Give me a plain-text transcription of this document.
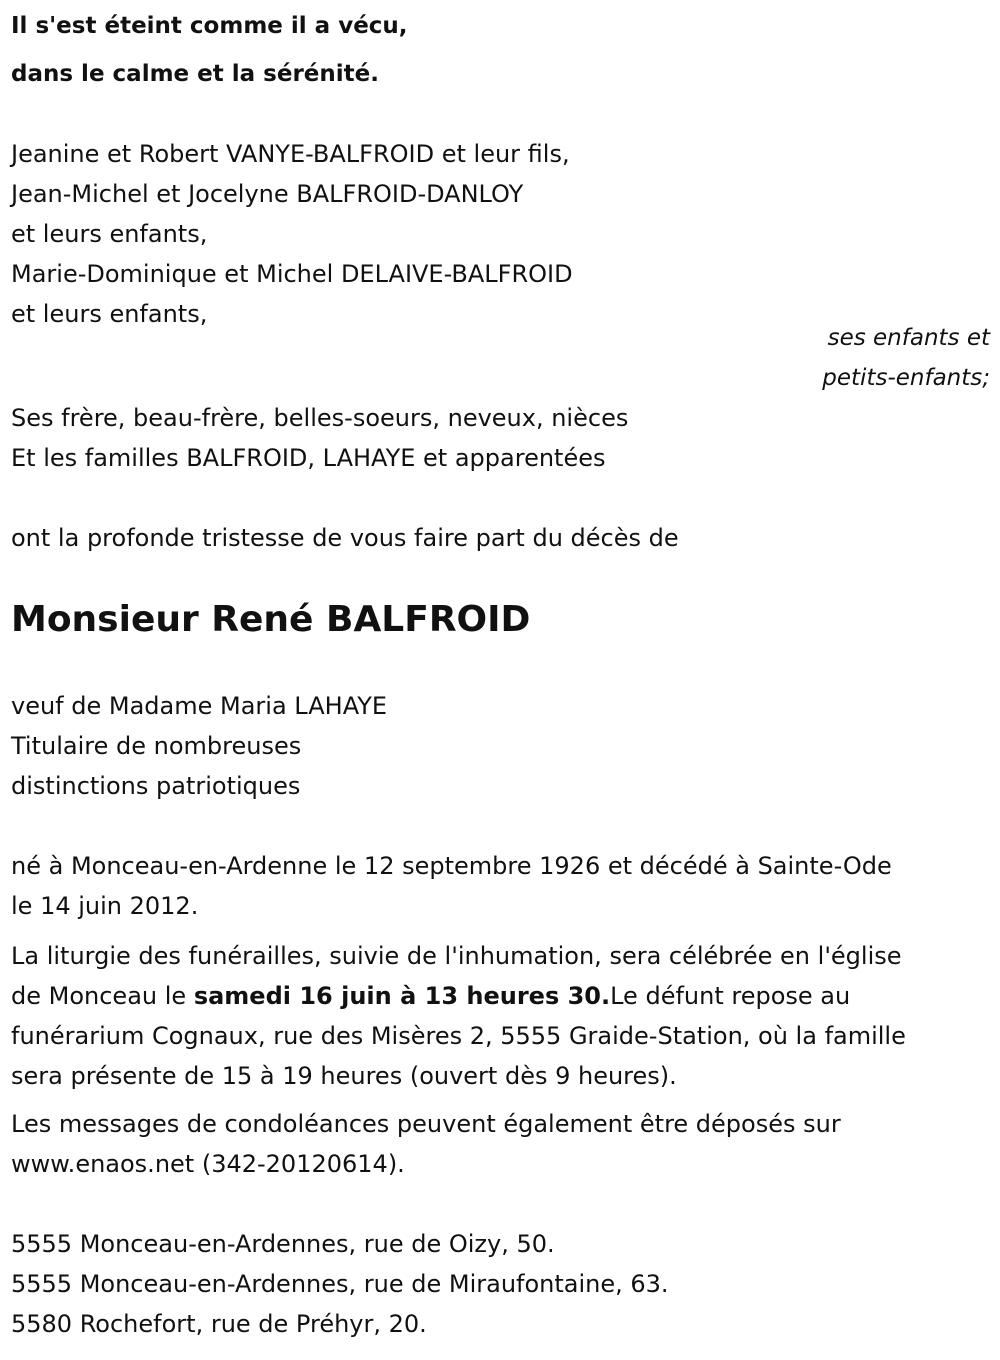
Il s'est éteint comme il a vécu,
dans le calme et la sérénité.
Jeanine et Robert VANYE-BALFROID et leur fils,
Jean-Michel et Jocelyne BALFROID-DANLOY
et leurs enfants,
Marie-Dominique et Michel DELAIVE-BALFROID
et leurs enfants,
ses enfants et
petits-enfants;
Ses frère, beau-frère, belles-soeurs, neveux, nièces
Et les familles BALFROID, LAHAYE et apparentées
ont la profonde tristesse de vous faire part du décès de
Monsieur René BALFROID
veuf de Madame Maria LAHAYE
Titulaire de nombreuses
distinctions patriotiques
né à Monceau-en-Ardenne le 12 septembre 1926 et décédé à Sainte-Ode
le 14 juin 2012.
La liturgie des funérailles, suivie de l'inhumation, sera célébrée en l'église
de Monceau le samedi 16 juin à 13 heures 30.Le défunt repose au
funérarium Cognaux, rue des Misères 2, 5555 Graide-Station, où la famille
sera présente de 15 à 19 heures (ouvert dès 9 heures).
Les messages de condoléances peuvent également être déposés sur
www.enaos.net (342-20120614).
5555 Monceau-en-Ardennes, rue de Oizy, 50.
5555 Monceau-en-Ardennes, rue de Miraufontaine, 63.
5580 Rochefort, rue de Préhyr, 20.
